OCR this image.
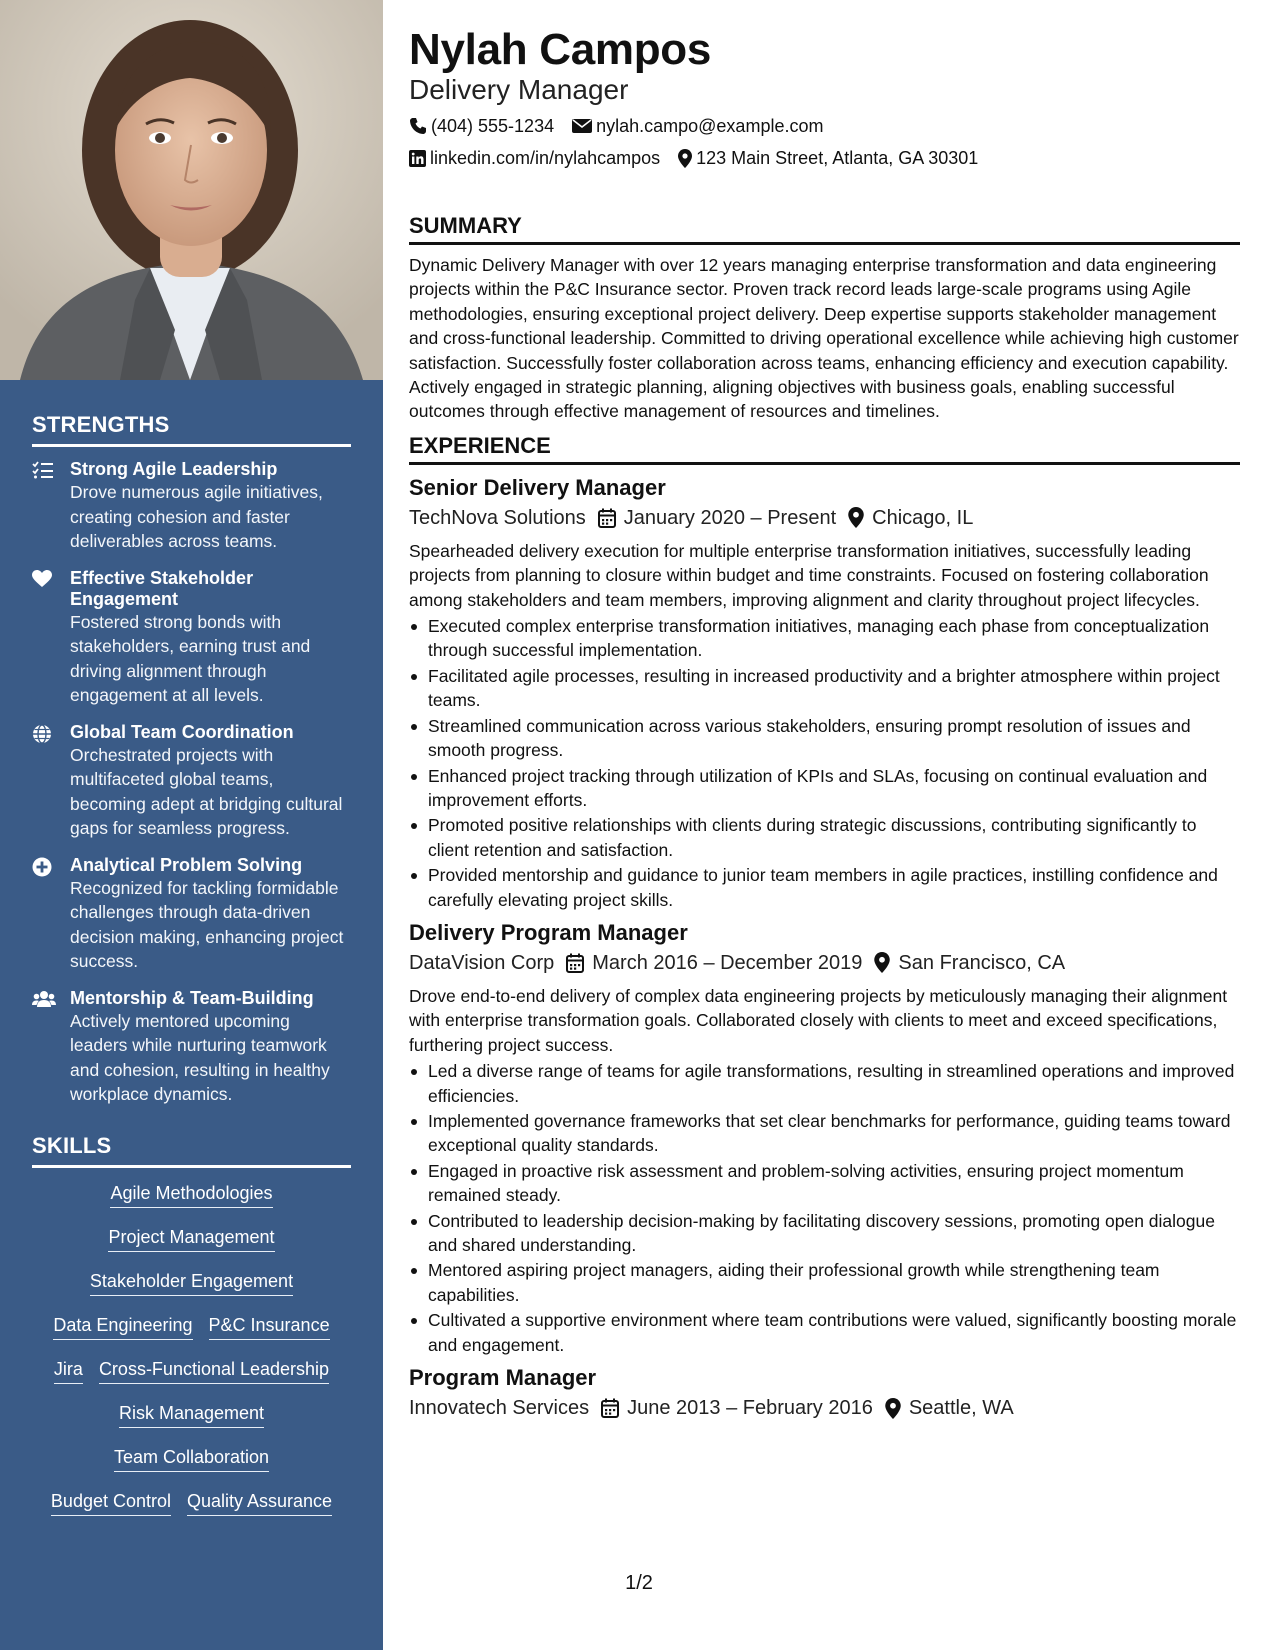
STRENGTHS
Strong Agile Leadership
Drove numerous agile initiatives, creating cohesion and faster deliverables across teams.
Effective Stakeholder Engagement
Fostered strong bonds with stakeholders, earning trust and driving alignment through engagement at all levels.
Global Team Coordination
Orchestrated projects with multifaceted global teams, becoming adept at bridging cultural gaps for seamless progress.
Analytical Problem Solving
Recognized for tackling formidable challenges through data-driven decision making, enhancing project success.
Mentorship & Team-Building
Actively mentored upcoming leaders while nurturing teamwork and cohesion, resulting in healthy workplace dynamics.
SKILLS
Agile Methodologies
Project Management
Stakeholder Engagement
Data Engineering P&C Insurance
Jira Cross-Functional Leadership
Risk Management
Team Collaboration
Budget Control Quality Assurance
Nylah Campos
Delivery Manager
(404) 555-1234 nylah.campo@example.com
linkedin.com/in/nylahcampos 123 Main Street, Atlanta, GA 30301
SUMMARY

Dynamic Delivery Manager with over 12 years managing enterprise transformation and data engineering projects within the P&C Insurance sector. Proven track record leads large-scale programs using Agile methodologies, ensuring exceptional project delivery. Deep expertise supports stakeholder management and cross-functional leadership. Committed to driving operational excellence while achieving high customer satisfaction. Successfully foster collaboration across teams, enhancing efficiency and execution capability. Actively engaged in strategic planning, aligning objectives with business goals, enabling successful outcomes through effective management of resources and timelines.

EXPERIENCE
Senior Delivery Manager
TechNova Solutions January 2020 – Present Chicago, IL

Spearheaded delivery execution for multiple enterprise transformation initiatives, successfully leading projects from planning to closure within budget and time constraints. Focused on fostering collaboration among stakeholders and team members, improving alignment and clarity throughout project lifecycles.

Executed complex enterprise transformation initiatives, managing each phase from conceptualization through successful implementation.
Facilitated agile processes, resulting in increased productivity and a brighter atmosphere within project teams.
Streamlined communication across various stakeholders, ensuring prompt resolution of issues and smooth progress.
Enhanced project tracking through utilization of KPIs and SLAs, focusing on continual evaluation and improvement efforts.
Promoted positive relationships with clients during strategic discussions, contributing significantly to client retention and satisfaction.
Provided mentorship and guidance to junior team members in agile practices, instilling confidence and carefully elevating project skills.
Delivery Program Manager
DataVision Corp March 2016 – December 2019 San Francisco, CA

Drove end-to-end delivery of complex data engineering projects by meticulously managing their alignment with enterprise transformation goals. Collaborated closely with clients to meet and exceed specifications, furthering project success.

Led a diverse range of teams for agile transformations, resulting in streamlined operations and improved efficiencies.
Implemented governance frameworks that set clear benchmarks for performance, guiding teams toward exceptional quality standards.
Engaged in proactive risk assessment and problem-solving activities, ensuring project momentum remained steady.
Contributed to leadership decision-making by facilitating discovery sessions, promoting open dialogue and shared understanding.
Mentored aspiring project managers, aiding their professional growth while strengthening team capabilities.
Cultivated a supportive environment where team contributions were valued, significantly boosting morale and engagement.
Program Manager
Innovatech Services June 2013 – February 2016 Seattle, WA
1/2
